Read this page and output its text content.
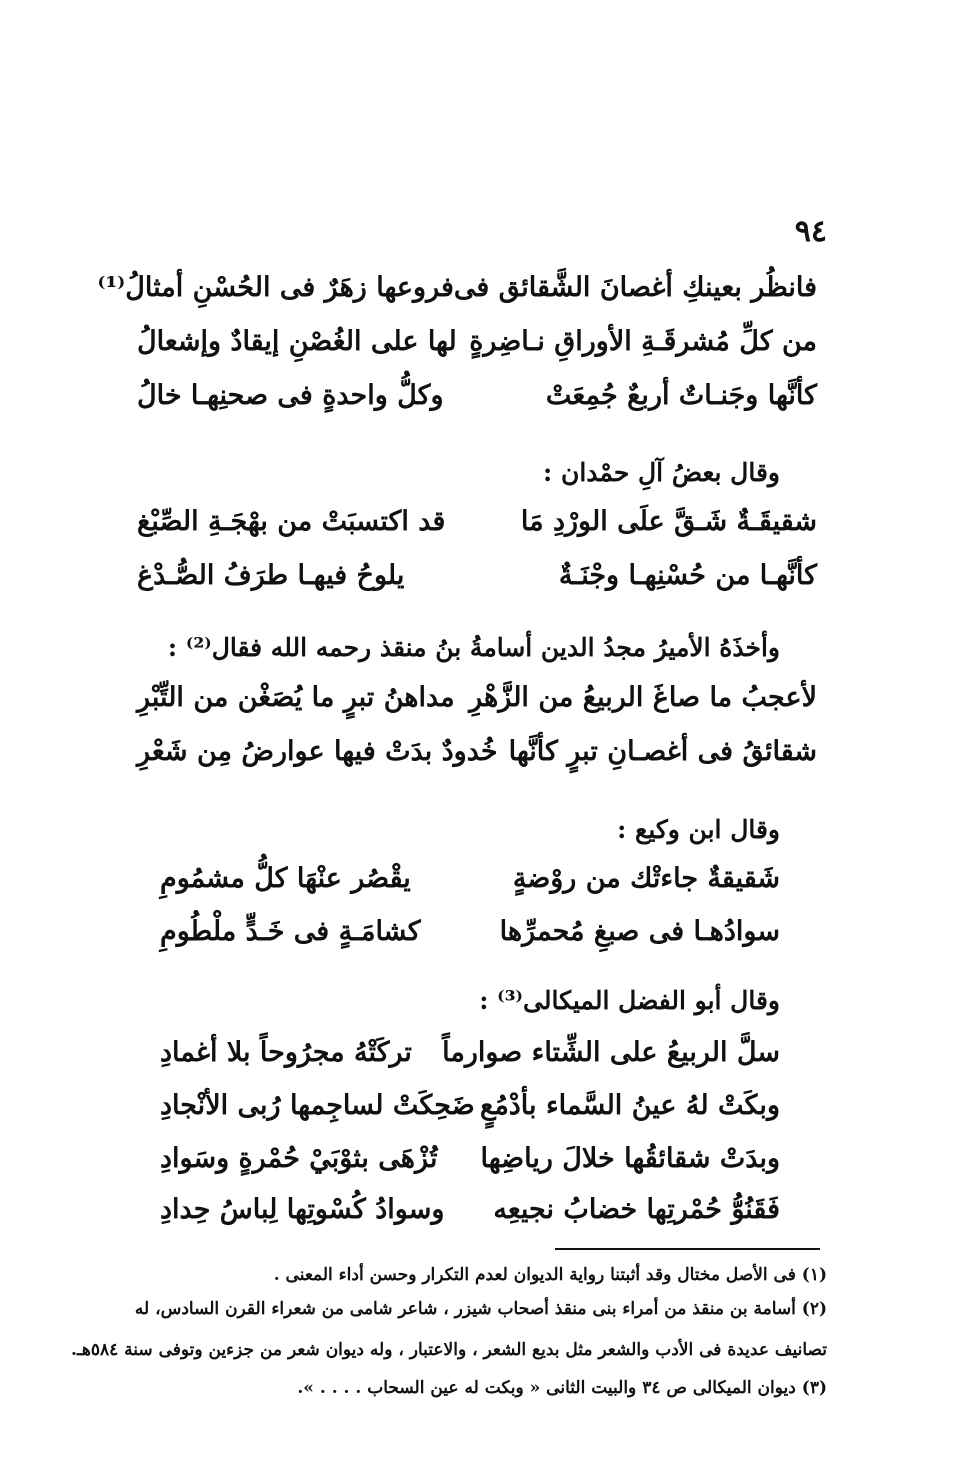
٩٤
فانظُر بعينكِ أغصانَ الشَّقائق فى
فروعها زهَرٌ فى الحُسْنِ أمثالُ⁽¹⁾
من كلِّ مُشرقَـةِ الأوراقِ نـاضِرةٍ
لها على الغُصْنِ إيقادٌ وإشعالُ
كأنَّها وجَنـاتٌ أربعٌ جُمِعَتْ
وكلُّ واحدةٍ فى صحنِهـا خالُ
وقال بعضُ آلِ حمْدان :
شقيقَـةٌ شَـقَّ علَى الورْدِ مَا
قد اكتسبَتْ من بهْجَـةِ الصِّبْغ
كأنَّهـا من حُسْنِهـا وجْنَـةٌ
يلوحُ فيهـا طرَفُ الصُّـدْغ
وأخذَهُ الأميرُ مجدُ الدين أسامةُ بنُ منقذ رحمه الله فقال⁽²⁾ :
لأعجبُ ما صاغَ الربيعُ من الزَّهْرِ
مداهنُ تبرٍ ما يُصَغْن من التِّبْرِ
شقائقُ فى أغصـانِ تبرٍ كأنَّها
خُدودٌ بدَتْ فيها عوارضُ مِن شَعْرِ
وقال ابن وكيع :
شَقيقةٌ جاءتْك من روْضةٍ
يقْصُر عنْهَا كلُّ مشمُومِ
سوادُهـا فى صبغِ مُحمرِّها
كشامَـةٍ فى خَـدٍّ ملْطُومِ
وقال أبو الفضل الميكالى⁽³⁾ :
سلَّ الربيعُ على الشِّتاء صوارماً
تركَتْهُ مجرُوحاً بلا أغمادِ
وبكَتْ لهُ عينُ السَّماء بأدْمُعٍ
ضَحِكَتْ لساجِمها رُبى الأنْجادِ
وبدَتْ شقائقُها خلالَ رياضِها
تُزْهَى بثوْبَيْ حُمْرةٍ وسَوادِ
فَقَنُوُّ حُمْرتِها خضابُ نجيعِه
وسوادُ كُسْوتِها لِباسُ حِدادِ
(١) فى الأصل مختال وقد أثبتنا رواية الديوان لعدم التكرار وحسن أداء المعنى .
(٢) أسامة بن منقذ من أمراء بنى منقذ أصحاب شيزر ، شاعر شامى من شعراء القرن السادس، له
تصانيف عديدة فى الأدب والشعر مثل بديع الشعر ، والاعتبار ، وله ديوان شعر من جزءين وتوفى سنة ٥٨٤هـ.
(٣) ديوان الميكالى ص ٣٤ والبيت الثانى « وبكت له عين السحاب . . . . ».
